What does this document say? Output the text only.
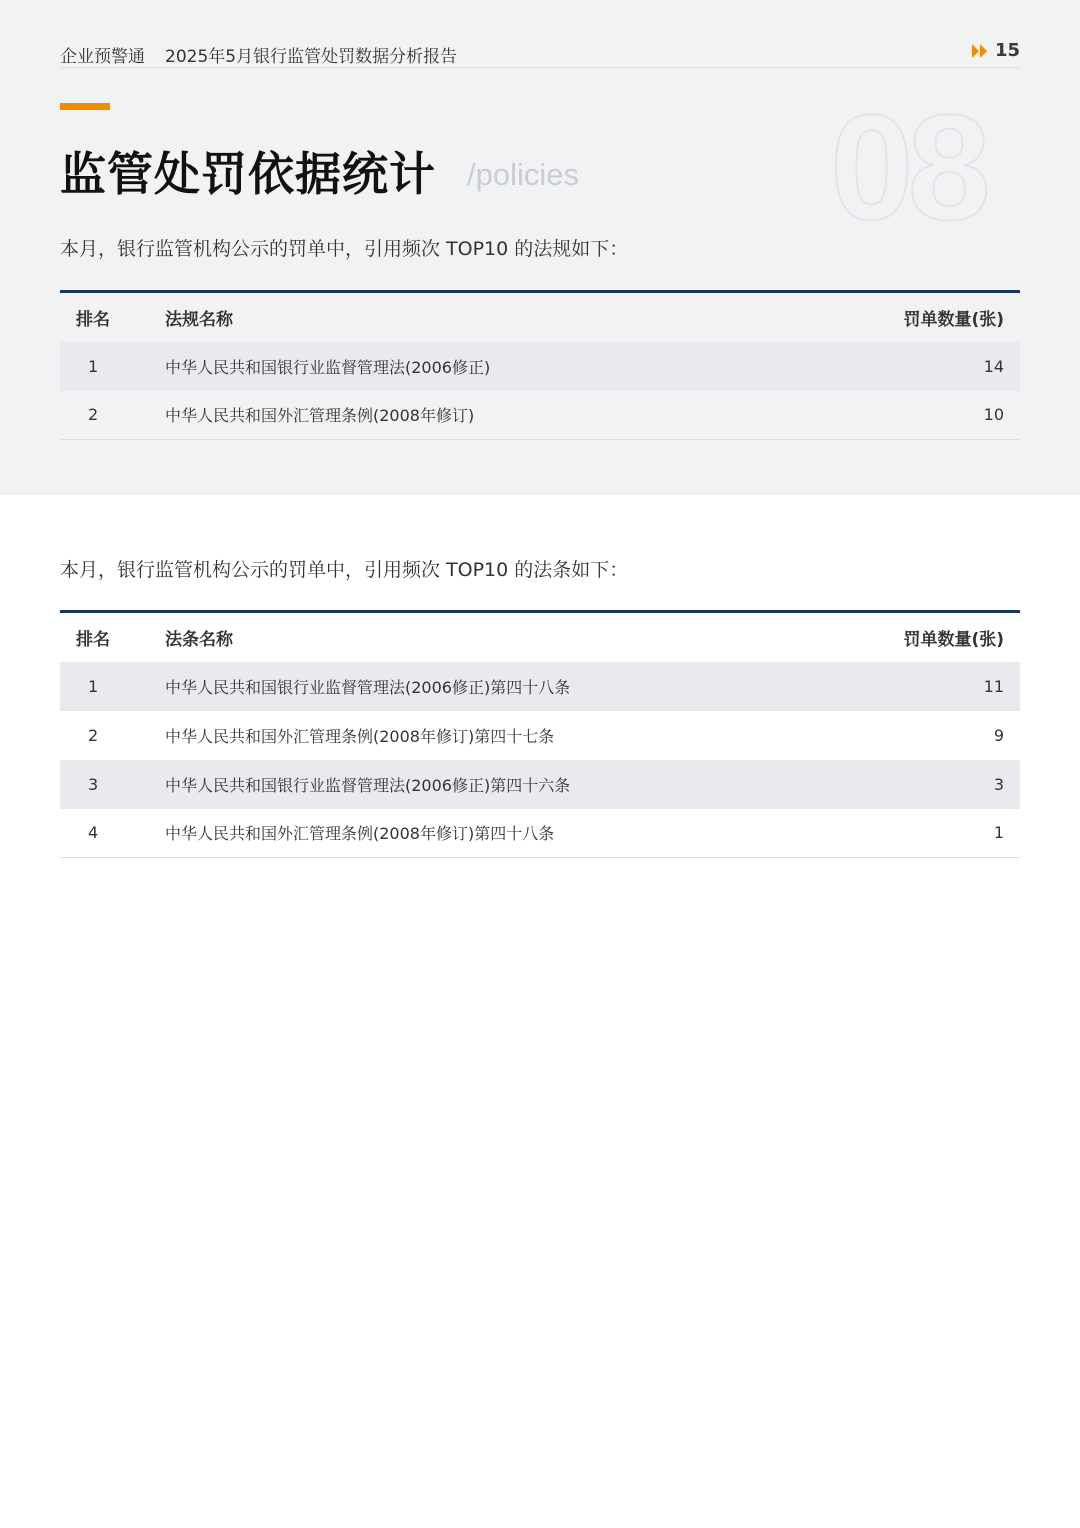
企业预警通 2025年5月银行监管处罚数据分析报告	15
08
监管处罚依据统计 /policies

本月，银行监管机构公示的罚单中，引用频次 TOP10 的法规如下：

排名	法规名称	罚单数量(张)
1	中华人民共和国银行业监督管理法(2006修正)	14
2	中华人民共和国外汇管理条例(2008年修订)	10

本月，银行监管机构公示的罚单中，引用频次 TOP10 的法条如下：

排名	法条名称	罚单数量(张)
1	中华人民共和国银行业监督管理法(2006修正)第四十八条	11
2	中华人民共和国外汇管理条例(2008年修订)第四十七条	9
3	中华人民共和国银行业监督管理法(2006修正)第四十六条	3
4	中华人民共和国外汇管理条例(2008年修订)第四十八条	1
